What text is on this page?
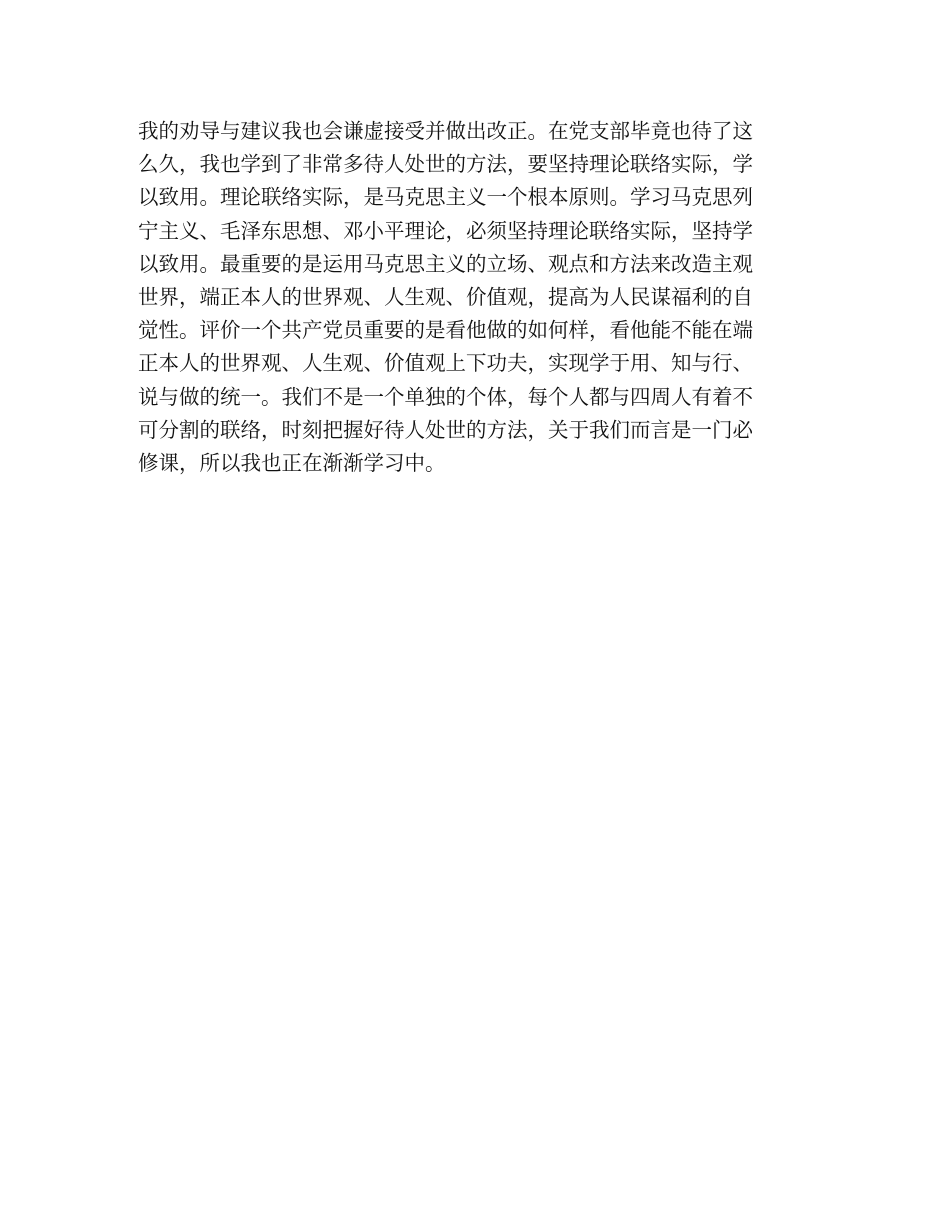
我的劝导与建议我也会谦虚接受并做出改正。在党支部毕竟也待了这
么久，我也学到了非常多待人处世的方法，要坚持理论联络实际，学
以致用。理论联络实际，是马克思主义一个根本原则。学习马克思列
宁主义、毛泽东思想、邓小平理论，必须坚持理论联络实际，坚持学
以致用。最重要的是运用马克思主义的立场、观点和方法来改造主观
世界，端正本人的世界观、人生观、价值观，提高为人民谋福利的自
觉性。评价一个共产党员重要的是看他做的如何样，看他能不能在端
正本人的世界观、人生观、价值观上下功夫，实现学于用、知与行、
说与做的统一。我们不是一个单独的个体，每个人都与四周人有着不
可分割的联络，时刻把握好待人处世的方法，关于我们而言是一门必
修课，所以我也正在渐渐学习中。
